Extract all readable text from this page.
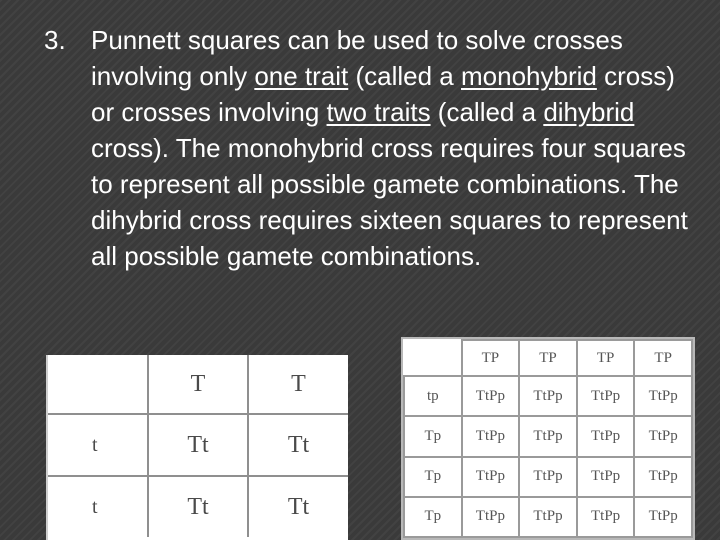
3. Punnett squares can be used to solve crosses involving only one trait (called a monohybrid cross) or crosses involving two traits (called a dihybrid cross). The monohybrid cross requires four squares to represent all possible gamete combinations. The dihybrid cross requires sixteen squares to represent all possible gamete combinations.
	T	T
t	Tt	Tt
t	Tt	Tt
	TP	TP	TP	TP
tp	TtPp	TtPp	TtPp	TtPp
Tp	TtPp	TtPp	TtPp	TtPp
Tp	TtPp	TtPp	TtPp	TtPp
Tp	TtPp	TtPp	TtPp	TtPp
